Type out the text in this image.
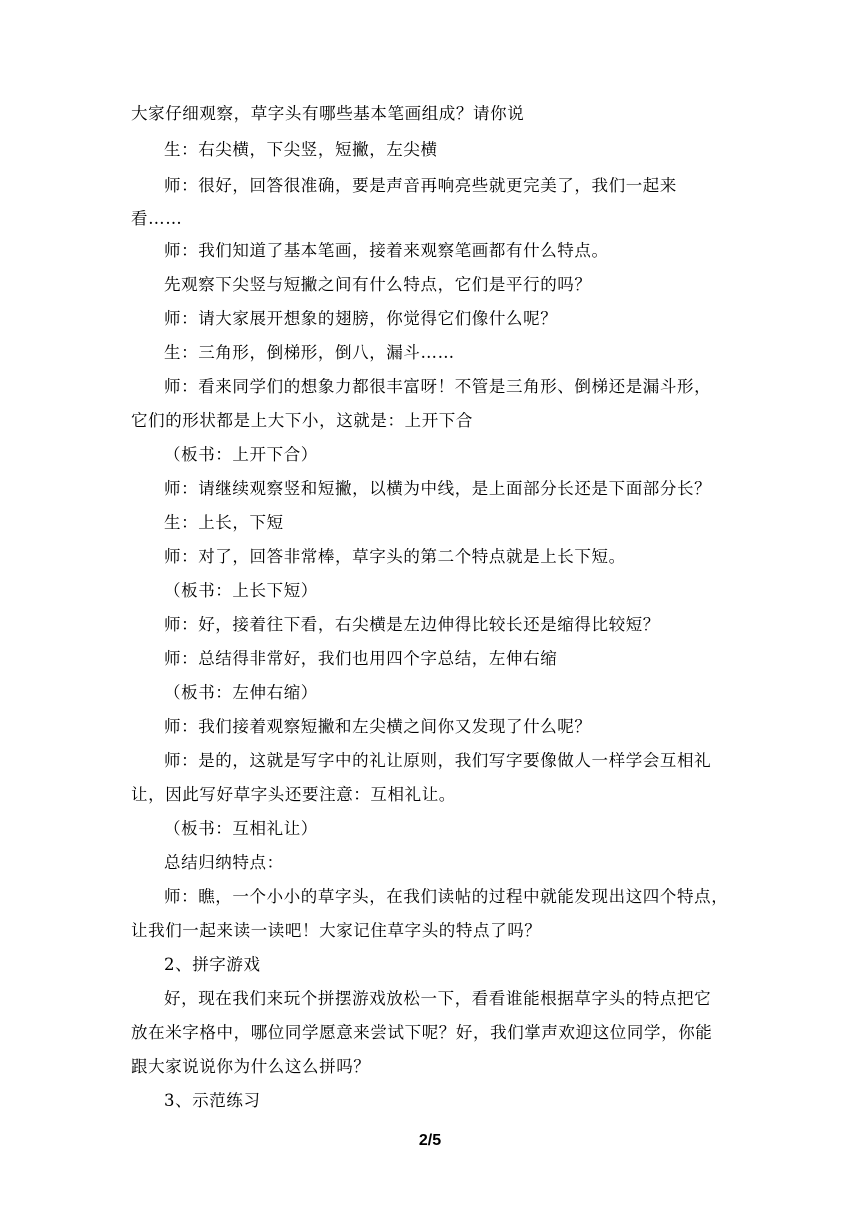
大家仔细观察，草字头有哪些基本笔画组成？请你说
生：右尖横，下尖竖，短撇，左尖横
师：很好，回答很准确，要是声音再响亮些就更完美了，我们一起来
看……
师：我们知道了基本笔画，接着来观察笔画都有什么特点。
先观察下尖竖与短撇之间有什么特点，它们是平行的吗？
师：请大家展开想象的翅膀，你觉得它们像什么呢？
生：三角形，倒梯形，倒八，漏斗……
师：看来同学们的想象力都很丰富呀！不管是三角形、倒梯还是漏斗形，
它们的形状都是上大下小，这就是：上开下合
（板书：上开下合）
师：请继续观察竖和短撇，以横为中线，是上面部分长还是下面部分长？
生：上长，下短
师：对了，回答非常棒，草字头的第二个特点就是上长下短。
（板书：上长下短）
师：好，接着往下看，右尖横是左边伸得比较长还是缩得比较短？
师：总结得非常好，我们也用四个字总结，左伸右缩
（板书：左伸右缩）
师：我们接着观察短撇和左尖横之间你又发现了什么呢？
师：是的，这就是写字中的礼让原则，我们写字要像做人一样学会互相礼
让，因此写好草字头还要注意：互相礼让。
（板书：互相礼让）
总结归纳特点：
师：瞧，一个小小的草字头，在我们读帖的过程中就能发现出这四个特点，
让我们一起来读一读吧！大家记住草字头的特点了吗？
2、拼字游戏
好，现在我们来玩个拼摆游戏放松一下，看看谁能根据草字头的特点把它
放在米字格中，哪位同学愿意来尝试下呢？好，我们掌声欢迎这位同学，你能
跟大家说说你为什么这么拼吗？
3、示范练习
2/5
